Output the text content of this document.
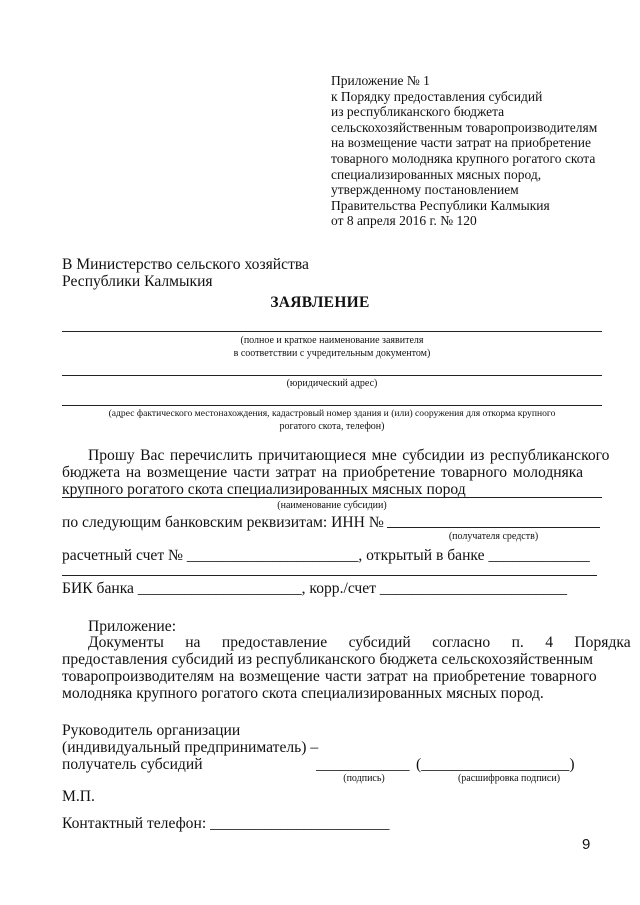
Приложение № 1
к Порядку предоставления субсидий
из республиканского бюджета
сельскохозяйственным товаропроизводителям
на возмещение части затрат на приобретение
товарного молодняка крупного рогатого скота
специализированных мясных пород,
утвержденному постановлением
Правительства Республики Калмыкия
от 8 апреля 2016 г. № 120
В Министерство сельского хозяйства
Республики Калмыкия
ЗАЯВЛЕНИЕ
(полное и краткое наименование заявителя
в соответствии с учредительным документом)
(юридический адрес)
(адрес фактического местонахождения, кадастровый номер здания и (или) сооружения для откорма крупного
рогатого скота, телефон)
Прошу Вас перечислить причитающиеся мне субсидии из республиканского
бюджета на возмещение части затрат на приобретение товарного молодняка
крупного рогатого скота специализированных мясных пород
(наименование субсидии)
по следующим банковским реквизитам: ИНН №
(получателя средств)
расчетный счет № ______________________, открытый в банке _____________
БИК банка _____________________, корр./счет ________________________
Приложение:
Документы на предоставление субсидий согласно п. 4 Порядка
предоставления субсидий из республиканского бюджета сельскохозяйственным
товаропроизводителям на возмещение части затрат на приобретение товарного
молодняка крупного рогатого скота специализированных мясных пород.
Руководитель организации
(индивидуальный предприниматель) –
получатель субсидий	____________ (___________________)
(подпись)	(расшифровка подписи)
М.П.
Контактный телефон: _______________________
9
